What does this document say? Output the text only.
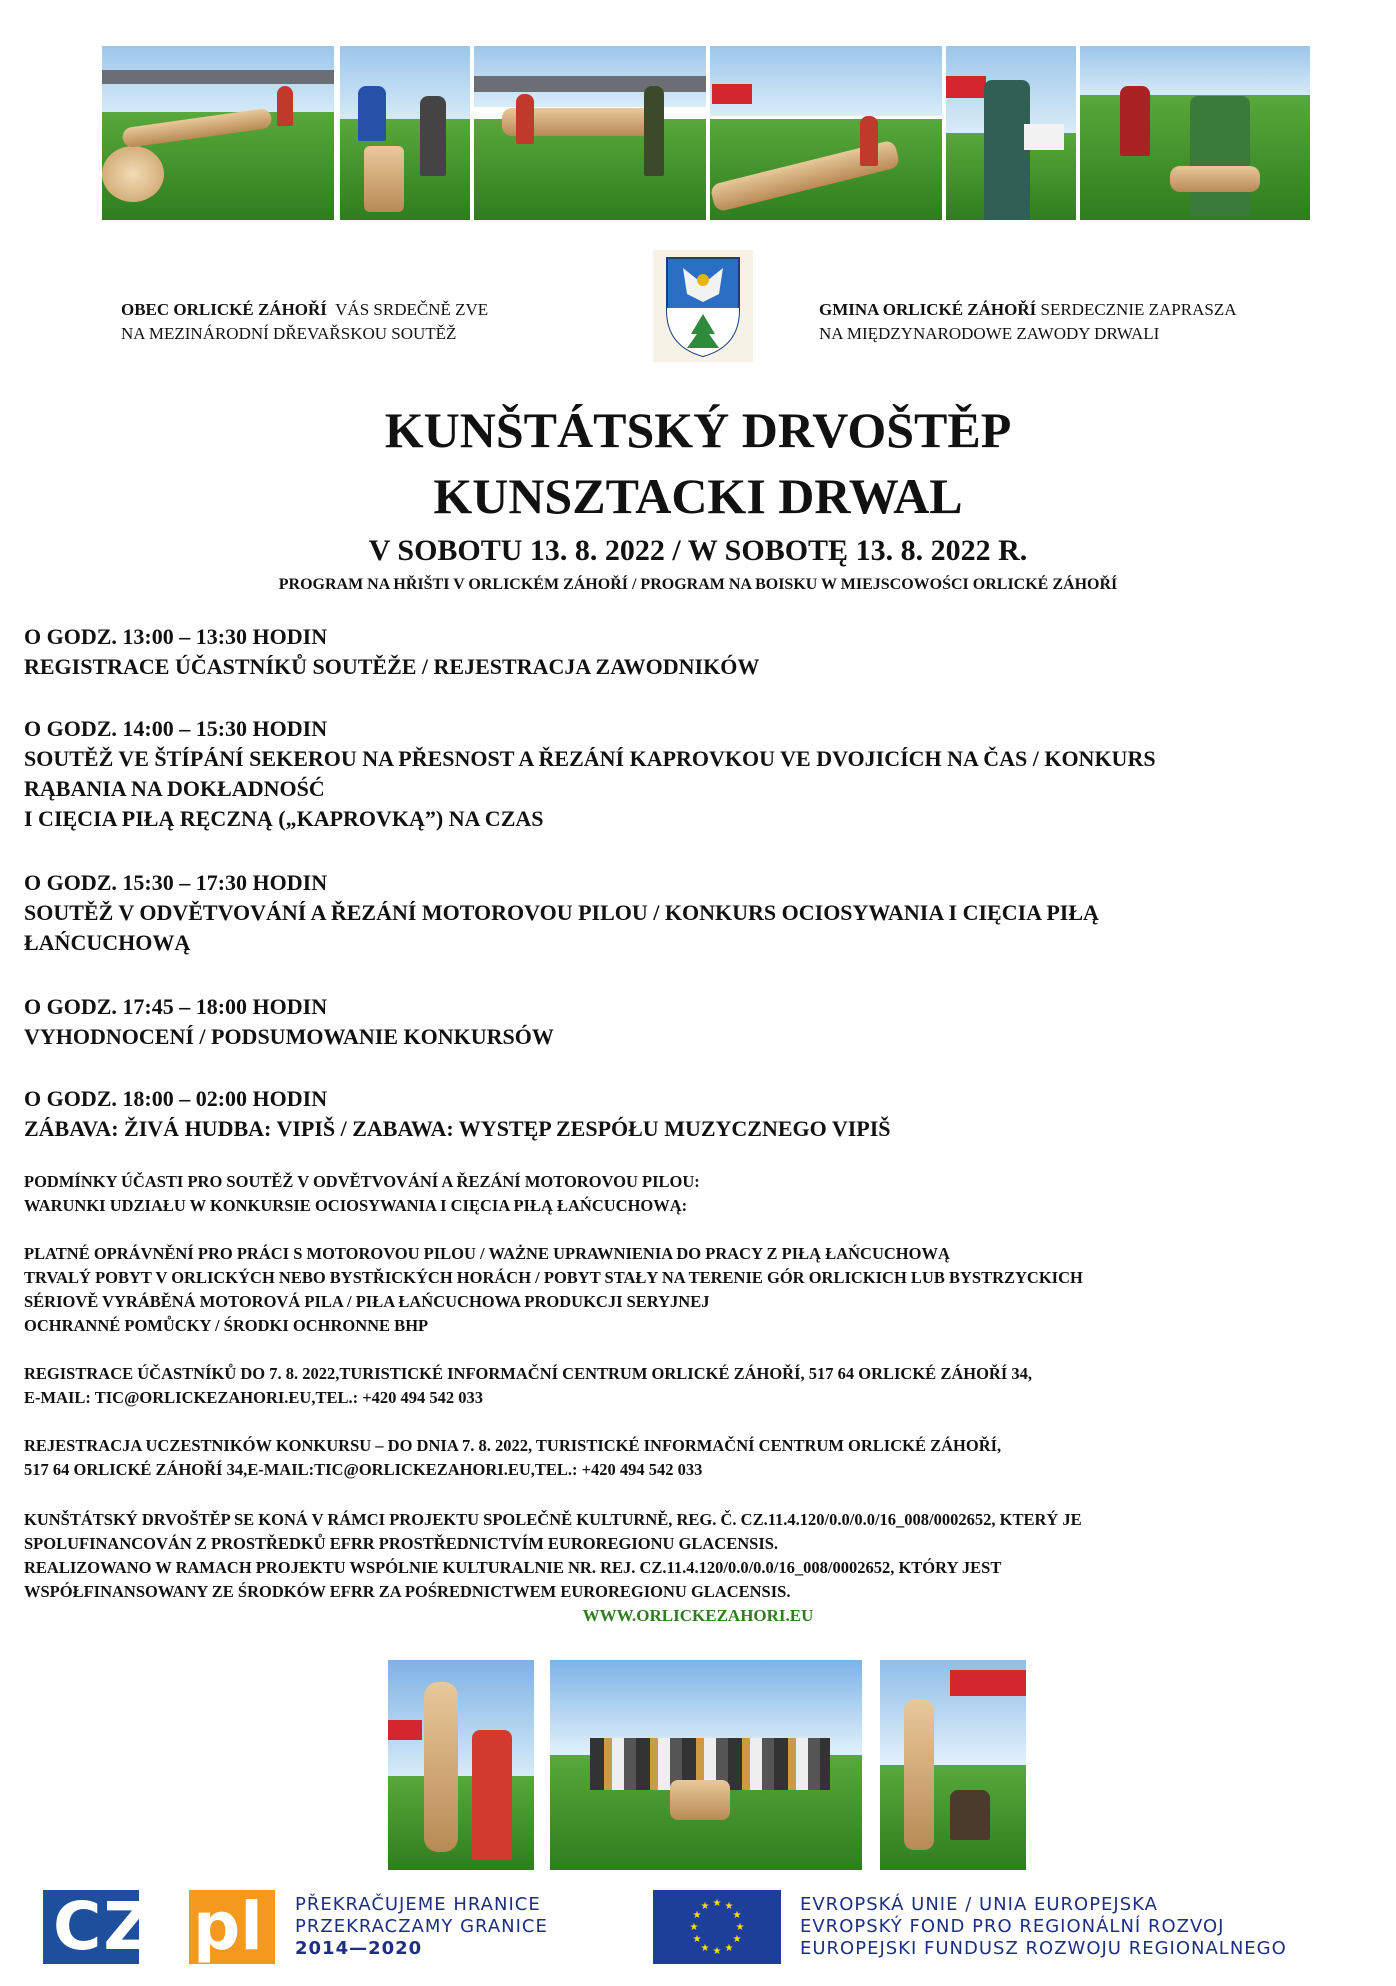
OBEC ORLICKÉ ZÁHOŘÍ VÁS SRDEČNĚ ZVE
NA MEZINÁRODNÍ DŘEVAŘSKOU SOUTĚŽ
GMINA ORLICKÉ ZÁHOŘÍ SERDECZNIE ZAPRASZA
NA MIĘDZYNARODOWE ZAWODY DRWALI
KUNŠTÁTSKÝ DRVOŠTĚP
KUNSZTACKI DRWAL
V SOBOTU 13. 8. 2022 / W SOBOTĘ 13. 8. 2022 R.
PROGRAM NA HŘIŠTI V ORLICKÉM ZÁHOŘÍ / PROGRAM NA BOISKU W MIEJSCOWOŚCI ORLICKÉ ZÁHOŘÍ
O GODZ. 13:00 – 13:30 HODIN
REGISTRACE ÚČASTNÍKŮ SOUTĚŽE / REJESTRACJA ZAWODNIKÓW
O GODZ. 14:00 – 15:30 HODIN
SOUTĚŽ VE ŠTÍPÁNÍ SEKEROU NA PŘESNOST A ŘEZÁNÍ KAPROVKOU VE DVOJICÍCH NA ČAS / KONKURS
RĄBANIA NA DOKŁADNOŚĆ
I CIĘCIA PIŁĄ RĘCZNĄ („KAPROVKĄ”) NA CZAS
O GODZ. 15:30 – 17:30 HODIN
SOUTĚŽ V ODVĚTVOVÁNÍ A ŘEZÁNÍ MOTOROVOU PILOU / KONKURS OCIOSYWANIA I CIĘCIA PIŁĄ
ŁAŃCUCHOWĄ
O GODZ. 17:45 – 18:00 HODIN
VYHODNOCENÍ / PODSUMOWANIE KONKURSÓW
O GODZ. 18:00 – 02:00 HODIN
ZÁBAVA: ŽIVÁ HUDBA: VIPIŠ / ZABAWA: WYSTĘP ZESPÓŁU MUZYCZNEGO VIPIŠ
PODMÍNKY ÚČASTI PRO SOUTĚŽ V ODVĚTVOVÁNÍ A ŘEZÁNÍ MOTOROVOU PILOU:
WARUNKI UDZIAŁU W KONKURSIE OCIOSYWANIA I CIĘCIA PIŁĄ ŁAŃCUCHOWĄ:
PLATNÉ OPRÁVNĚNÍ PRO PRÁCI S MOTOROVOU PILOU / WAŻNE UPRAWNIENIA DO PRACY Z PIŁĄ ŁAŃCUCHOWĄ
TRVALÝ POBYT V ORLICKÝCH NEBO BYSTŘICKÝCH HORÁCH / POBYT STAŁY NA TERENIE GÓR ORLICKICH LUB BYSTRZYCKICH
SÉRIOVĚ VYRÁBĚNÁ MOTOROVÁ PILA / PIŁA ŁAŃCUCHOWA PRODUKCJI SERYJNEJ
OCHRANNÉ POMŮCKY / ŚRODKI OCHRONNE BHP
REGISTRACE ÚČASTNÍKŮ DO 7. 8. 2022,TURISTICKÉ INFORMAČNÍ CENTRUM ORLICKÉ ZÁHOŘÍ, 517 64 ORLICKÉ ZÁHOŘÍ 34,
E-MAIL: TIC@ORLICKEZAHORI.EU,TEL.: +420 494 542 033
REJESTRACJA UCZESTNIKÓW KONKURSU – DO DNIA 7. 8. 2022, TURISTICKÉ INFORMAČNÍ CENTRUM ORLICKÉ ZÁHOŘÍ,
517 64 ORLICKÉ ZÁHOŘÍ 34,E-MAIL:TIC@ORLICKEZAHORI.EU,TEL.: +420 494 542 033
KUNŠTÁTSKÝ DRVOŠTĚP SE KONÁ V RÁMCI PROJEKTU SPOLEČNĚ KULTURNĚ, REG. Č. CZ.11.4.120/0.0/0.0/16_008/0002652, KTERÝ JE
SPOLUFINANCOVÁN Z PROSTŘEDKŮ EFRR PROSTŘEDNICTVÍM EUROREGIONU GLACENSIS.
REALIZOWANO W RAMACH PROJEKTU WSPÓLNIE KULTURALNIE NR. REJ. CZ.11.4.120/0.0/0.0/16_008/0002652, KTÓRY JEST
WSPÓŁFINANSOWANY ZE ŚRODKÓW EFRR ZA POŚREDNICTWEM EUROREGIONU GLACENSIS.
WWW.ORLICKEZAHORI.EU
CZ pl	PŘEKRAČUJEME HRANICE
PRZEKRACZAMY GRANICE
2014—2020
★ ★
★
★
★
★
★
★
★
★
★
★	EVROPSKÁ UNIE / UNIA EUROPEJSKA
EVROPSKÝ FOND PRO REGIONÁLNÍ ROZVOJ
EUROPEJSKI FUNDUSZ ROZWOJU REGIONALNEGO
